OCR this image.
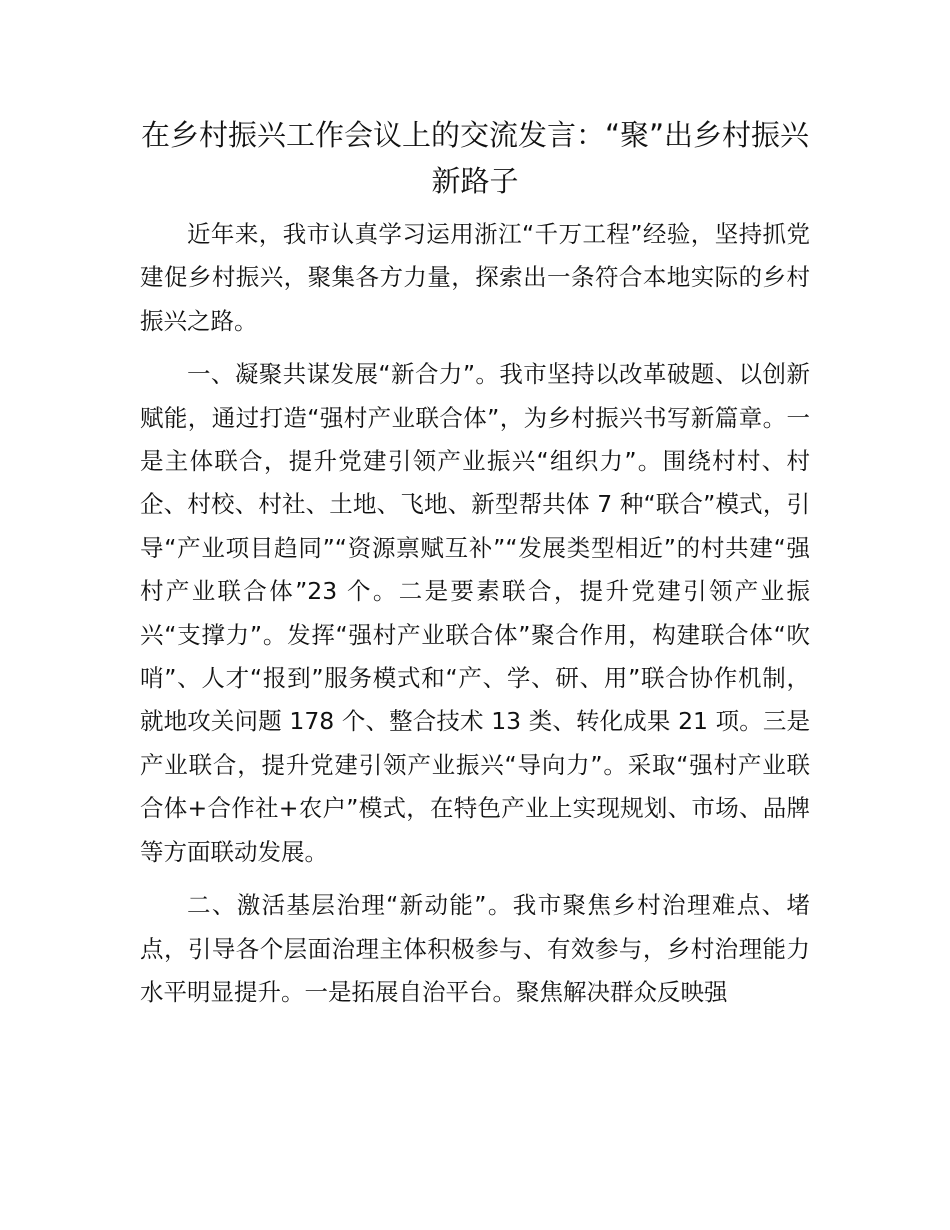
在乡村振兴工作会议上的交流发言：“聚”出乡村振兴新路子

近年来，我市认真学习运用浙江“千万工程”经验，坚持抓党建促乡村振兴，聚集各方力量，探索出一条符合本地实际的乡村振兴之路。

一、凝聚共谋发展“新合力”。我市坚持以改革破题、以创新赋能，通过打造“强村产业联合体”，为乡村振兴书写新篇章。一是主体联合，提升党建引领产业振兴“组织力”。围绕村村、村企、村校、村社、土地、飞地、新型帮共体 7 种“联合”模式，引导“产业项目趋同”“资源禀赋互补”“发展类型相近”的村共建“强村产业联合体”23 个。二是要素联合，提升党建引领产业振兴“支撑力”。发挥“强村产业联合体”聚合作用，构建联合体“吹哨”、人才“报到”服务模式和“产、学、研、用”联合协作机制，就地攻关问题 178 个、整合技术 13 类、转化成果 21 项。三是产业联合，提升党建引领产业振兴“导向力”。采取“强村产业联合体+合作社+农户”模式，在特色产业上实现规划、市场、品牌等方面联动发展。

二、激活基层治理“新动能”。我市聚焦乡村治理难点、堵点，引导各个层面治理主体积极参与、有效参与，乡村治理能力水平明显提升。一是拓展自治平台。聚焦解决群众反映强
